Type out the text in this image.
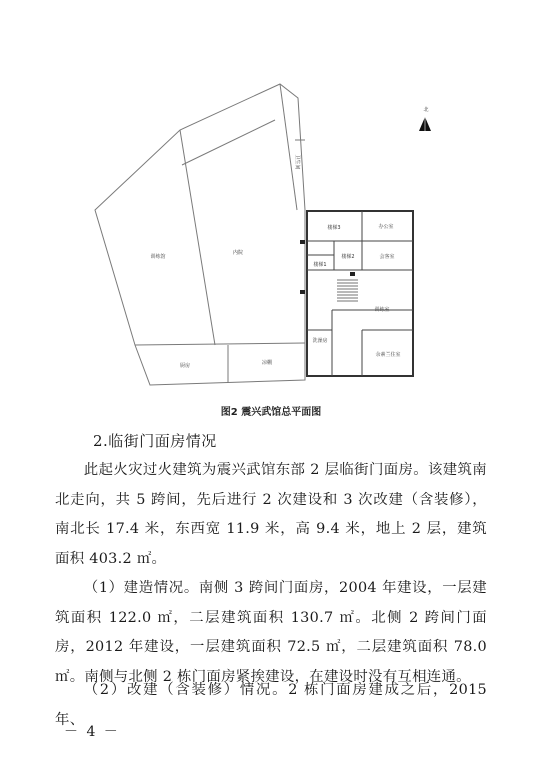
北
训练馆
内院
卫生间
楼梯3	办公室
会客室
楼梯1
楼梯2
训练室
洗澡房
厨房	凉棚
余素兰住室
图2 震兴武馆总平面图
2.临街门面房情况

此起火灾过火建筑为震兴武馆东部 2 层临街门面房。该建筑南北走向，共 5 跨间，先后进行 2 次建设和 3 次改建（含装修），南北长 17.4 米，东西宽 11.9 米，高 9.4 米，地上 2 层，建筑面积 403.2 ㎡。

（1）建造情况。南侧 3 跨间门面房，2004 年建设，一层建筑面积 122.0 ㎡，二层建筑面积 130.7 ㎡。北侧 2 跨间门面房，2012 年建设，一层建筑面积 72.5 ㎡，二层建筑面积 78.0 ㎡。南侧与北侧 2 栋门面房紧挨建设，在建设时没有互相连通。

（2）改建（含装修）情况。2 栋门面房建成之后，2015 年、

－ 4 －
